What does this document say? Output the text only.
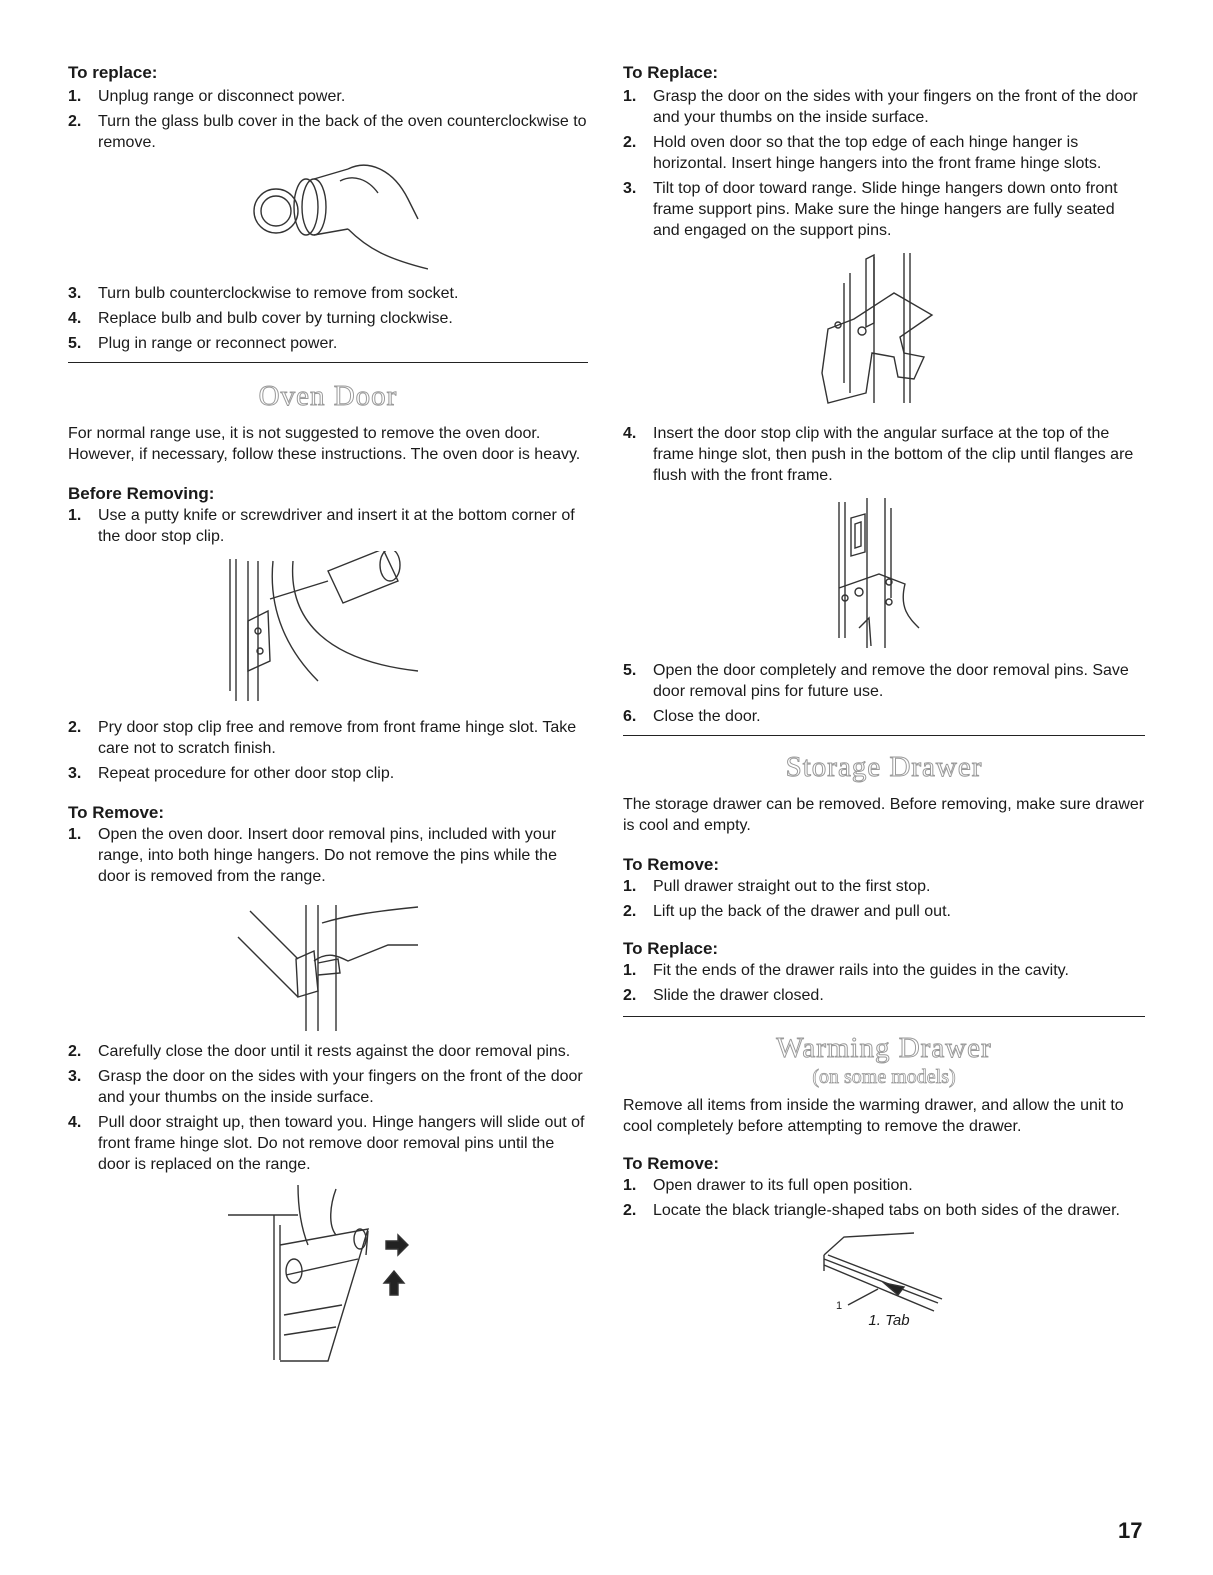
To replace:
1. Unplug range or disconnect power.
2. Turn the glass bulb cover in the back of the oven counterclockwise to remove.
3. Turn bulb counterclockwise to remove from socket.
4. Replace bulb and bulb cover by turning clockwise.
5. Plug in range or reconnect power.
Oven Door

For normal range use, it is not suggested to remove the oven door. However, if necessary, follow these instructions. The oven door is heavy.

Before Removing:
1. Use a putty knife or screwdriver and insert it at the bottom corner of the door stop clip.
2. Pry door stop clip free and remove from front frame hinge slot. Take care not to scratch finish.
3. Repeat procedure for other door stop clip.
To Remove:
1. Open the oven door. Insert door removal pins, included with your range, into both hinge hangers. Do not remove the pins while the door is removed from the range.
2. Carefully close the door until it rests against the door removal pins.
3. Grasp the door on the sides with your fingers on the front of the door and your thumbs on the inside surface.
4. Pull door straight up, then toward you. Hinge hangers will slide out of front frame hinge slot. Do not remove door removal pins until the door is replaced on the range.
To Replace:
1. Grasp the door on the sides with your fingers on the front of the door and your thumbs on the inside surface.
2. Hold oven door so that the top edge of each hinge hanger is horizontal. Insert hinge hangers into the front frame hinge slots.
3. Tilt top of door toward range. Slide hinge hangers down onto front frame support pins. Make sure the hinge hangers are fully seated and engaged on the support pins.
4. Insert the door stop clip with the angular surface at the top of the frame hinge slot, then push in the bottom of the clip until flanges are flush with the front frame.
5. Open the door completely and remove the door removal pins. Save door removal pins for future use.
6. Close the door.
Storage Drawer

The storage drawer can be removed. Before removing, make sure drawer is cool and empty.

To Remove:
1. Pull drawer straight out to the first stop.
2. Lift up the back of the drawer and pull out.
To Replace:
1. Fit the ends of the drawer rails into the guides in the cavity.
2. Slide the drawer closed.
Warming Drawer
(on some models)

Remove all items from inside the warming drawer, and allow the unit to cool completely before attempting to remove the drawer.

To Remove:
1. Open drawer to its full open position.
2. Locate the black triangle-shaped tabs on both sides of the drawer.
1
1. Tab
17
